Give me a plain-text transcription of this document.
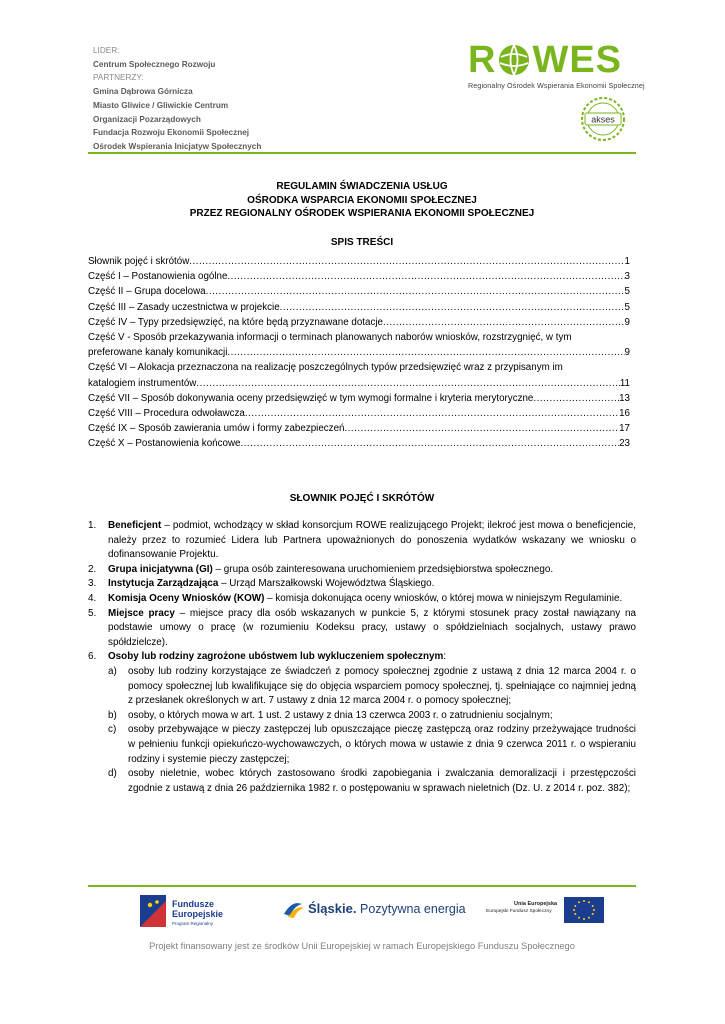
LIDER:
Centrum Społecznego Rozwoju
PARTNERZY:
Gmina Dąbrowa Górnicza
Miasto Gliwice / Gliwickie Centrum
Organizacji Pozarządowych
Fundacja Rozwoju Ekonomii Społecznej
Ośrodek Wspierania Inicjatyw Społecznych
R WES
Regionalny Ośrodek Wspierania Ekonomii Społecznej
akses
REGULAMIN ŚWIADCZENIA USŁUG
OŚRODKA WSPARCIA EKONOMII SPOŁECZNEJ
PRZEZ REGIONALNY OŚRODEK WSPIERANIA EKONOMII SPOŁECZNEJ
SPIS TREŚCI
Słownik pojęć i skrótów .....	1
Część I – Postanowienia ogólne .....	3
Część II – Grupa docelowa .....	5
Część III – Zasady uczestnictwa w projekcie .....	5
Część IV – Typy przedsięwzięć, na które będą przyznawane dotacje .....	9
Część V - Sposób przekazywania informacji o terminach planowanych naborów wniosków, rozstrzygnięć, w tym
preferowane kanały komunikacji .....	9
Część VI – Alokacja przeznaczona na realizację poszczególnych typów przedsięwzięć wraz z przypisanym im
katalogiem instrumentów .....	11
Część VII – Sposób dokonywania oceny przedsięwzięć w tym wymogi formalne i kryteria merytoryczne .....	13
Część VIII – Procedura odwoławcza .....	16
Część IX – Sposób zawierania umów i formy zabezpieczeń .....	17
Część X – Postanowienia końcowe .....	23
SŁOWNIK POJĘĆ I SKRÓTÓW
1. Beneficjent – podmiot, wchodzący w skład konsorcjum ROWE realizującego Projekt; ilekroć jest mowa o beneficjencie, należy przez to rozumieć Lidera lub Partnera upoważnionych do ponoszenia wydatków wskazany we wniosku o dofinansowanie Projektu.
2. Grupa inicjatywna (GI) – grupa osób zainteresowana uruchomieniem przedsiębiorstwa społecznego.
3. Instytucja Zarządzająca – Urząd Marszałkowski Województwa Śląskiego.
4. Komisja Oceny Wniosków (KOW) – komisja dokonująca oceny wniosków, o której mowa w niniejszym Regulaminie.
5. Miejsce pracy – miejsce pracy dla osób wskazanych w punkcie 5, z którymi stosunek pracy został nawiązany na podstawie umowy o pracę (w rozumieniu Kodeksu pracy, ustawy o spółdzielniach socjalnych, ustawy prawo spółdzielcze).
6. Osoby lub rodziny zagrożone ubóstwem lub wykluczeniem społecznym:
a) osoby lub rodziny korzystające ze świadczeń z pomocy społecznej zgodnie z ustawą z dnia 12 marca 2004 r. o pomocy społecznej lub kwalifikujące się do objęcia wsparciem pomocy społecznej, tj. spełniające co najmniej jedną z przesłanek określonych w art. 7 ustawy z dnia 12 marca 2004 r. o pomocy społecznej;
b) osoby, o których mowa w art. 1 ust. 2 ustawy z dnia 13 czerwca 2003 r. o zatrudnieniu socjalnym;
c) osoby przebywające w pieczy zastępczej lub opuszczające pieczę zastępczą oraz rodziny przeżywające trudności w pełnieniu funkcji opiekuńczo-wychowawczych, o których mowa w ustawie z dnia 9 czerwca 2011 r. o wspieraniu rodziny i systemie pieczy zastępczej;
d) osoby nieletnie, wobec których zastosowano środki zapobiegania i zwalczania demoralizacji i przestępczości zgodnie z ustawą z dnia 26 października 1982 r. o postępowaniu w sprawach nieletnich (Dz. U. z 2014 r. poz. 382);
Fundusze
Europejskie
Program Regionalny
Śląskie. Pozytywna energia	Unia Europejska
Europejski Fundusz Społeczny
Projekt finansowany jest ze środków Unii Europejskiej w ramach Europejskiego Funduszu Społecznego
